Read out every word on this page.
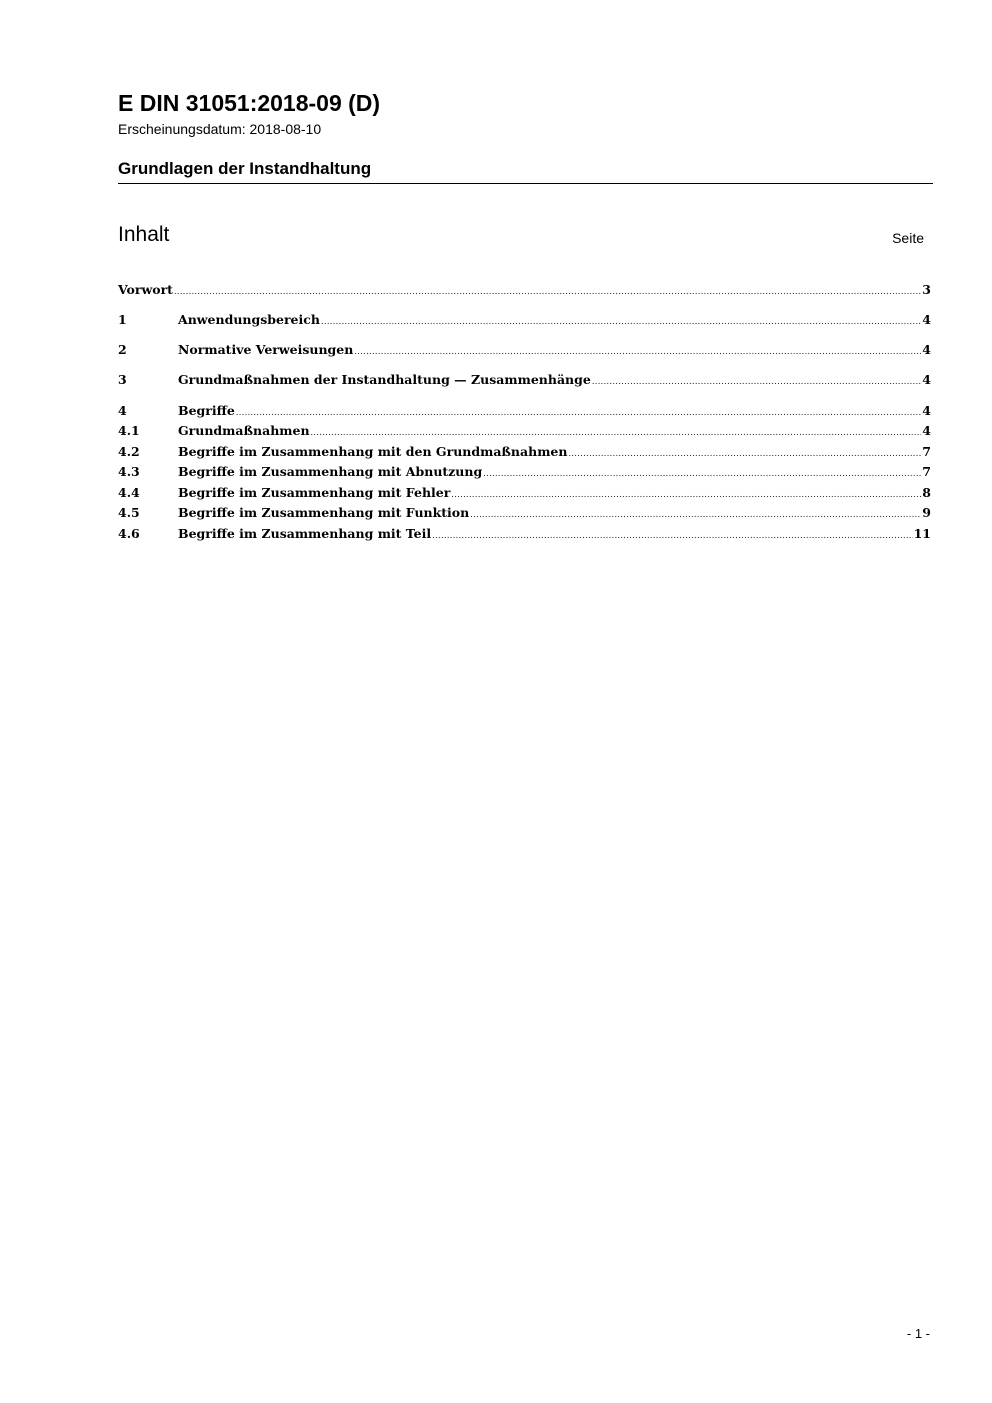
E DIN 31051:2018-09 (D)
Erscheinungsdatum: 2018-08-10
Grundlagen der Instandhaltung
Inhalt	Seite
Vorwort .....	3
1	Anwendungsbereich .....	4
2	Normative Verweisungen .....	4
3	Grundmaßnahmen der Instandhaltung — Zusammenhänge .....	4
4	Begriffe .....	4
4.1	Grundmaßnahmen .....	4
4.2	Begriffe im Zusammenhang mit den Grundmaßnahmen .....	7
4.3	Begriffe im Zusammenhang mit Abnutzung .....	7
4.4	Begriffe im Zusammenhang mit Fehler .....	8
4.5	Begriffe im Zusammenhang mit Funktion .....	9
4.6	Begriffe im Zusammenhang mit Teil .....	11
- 1 -
